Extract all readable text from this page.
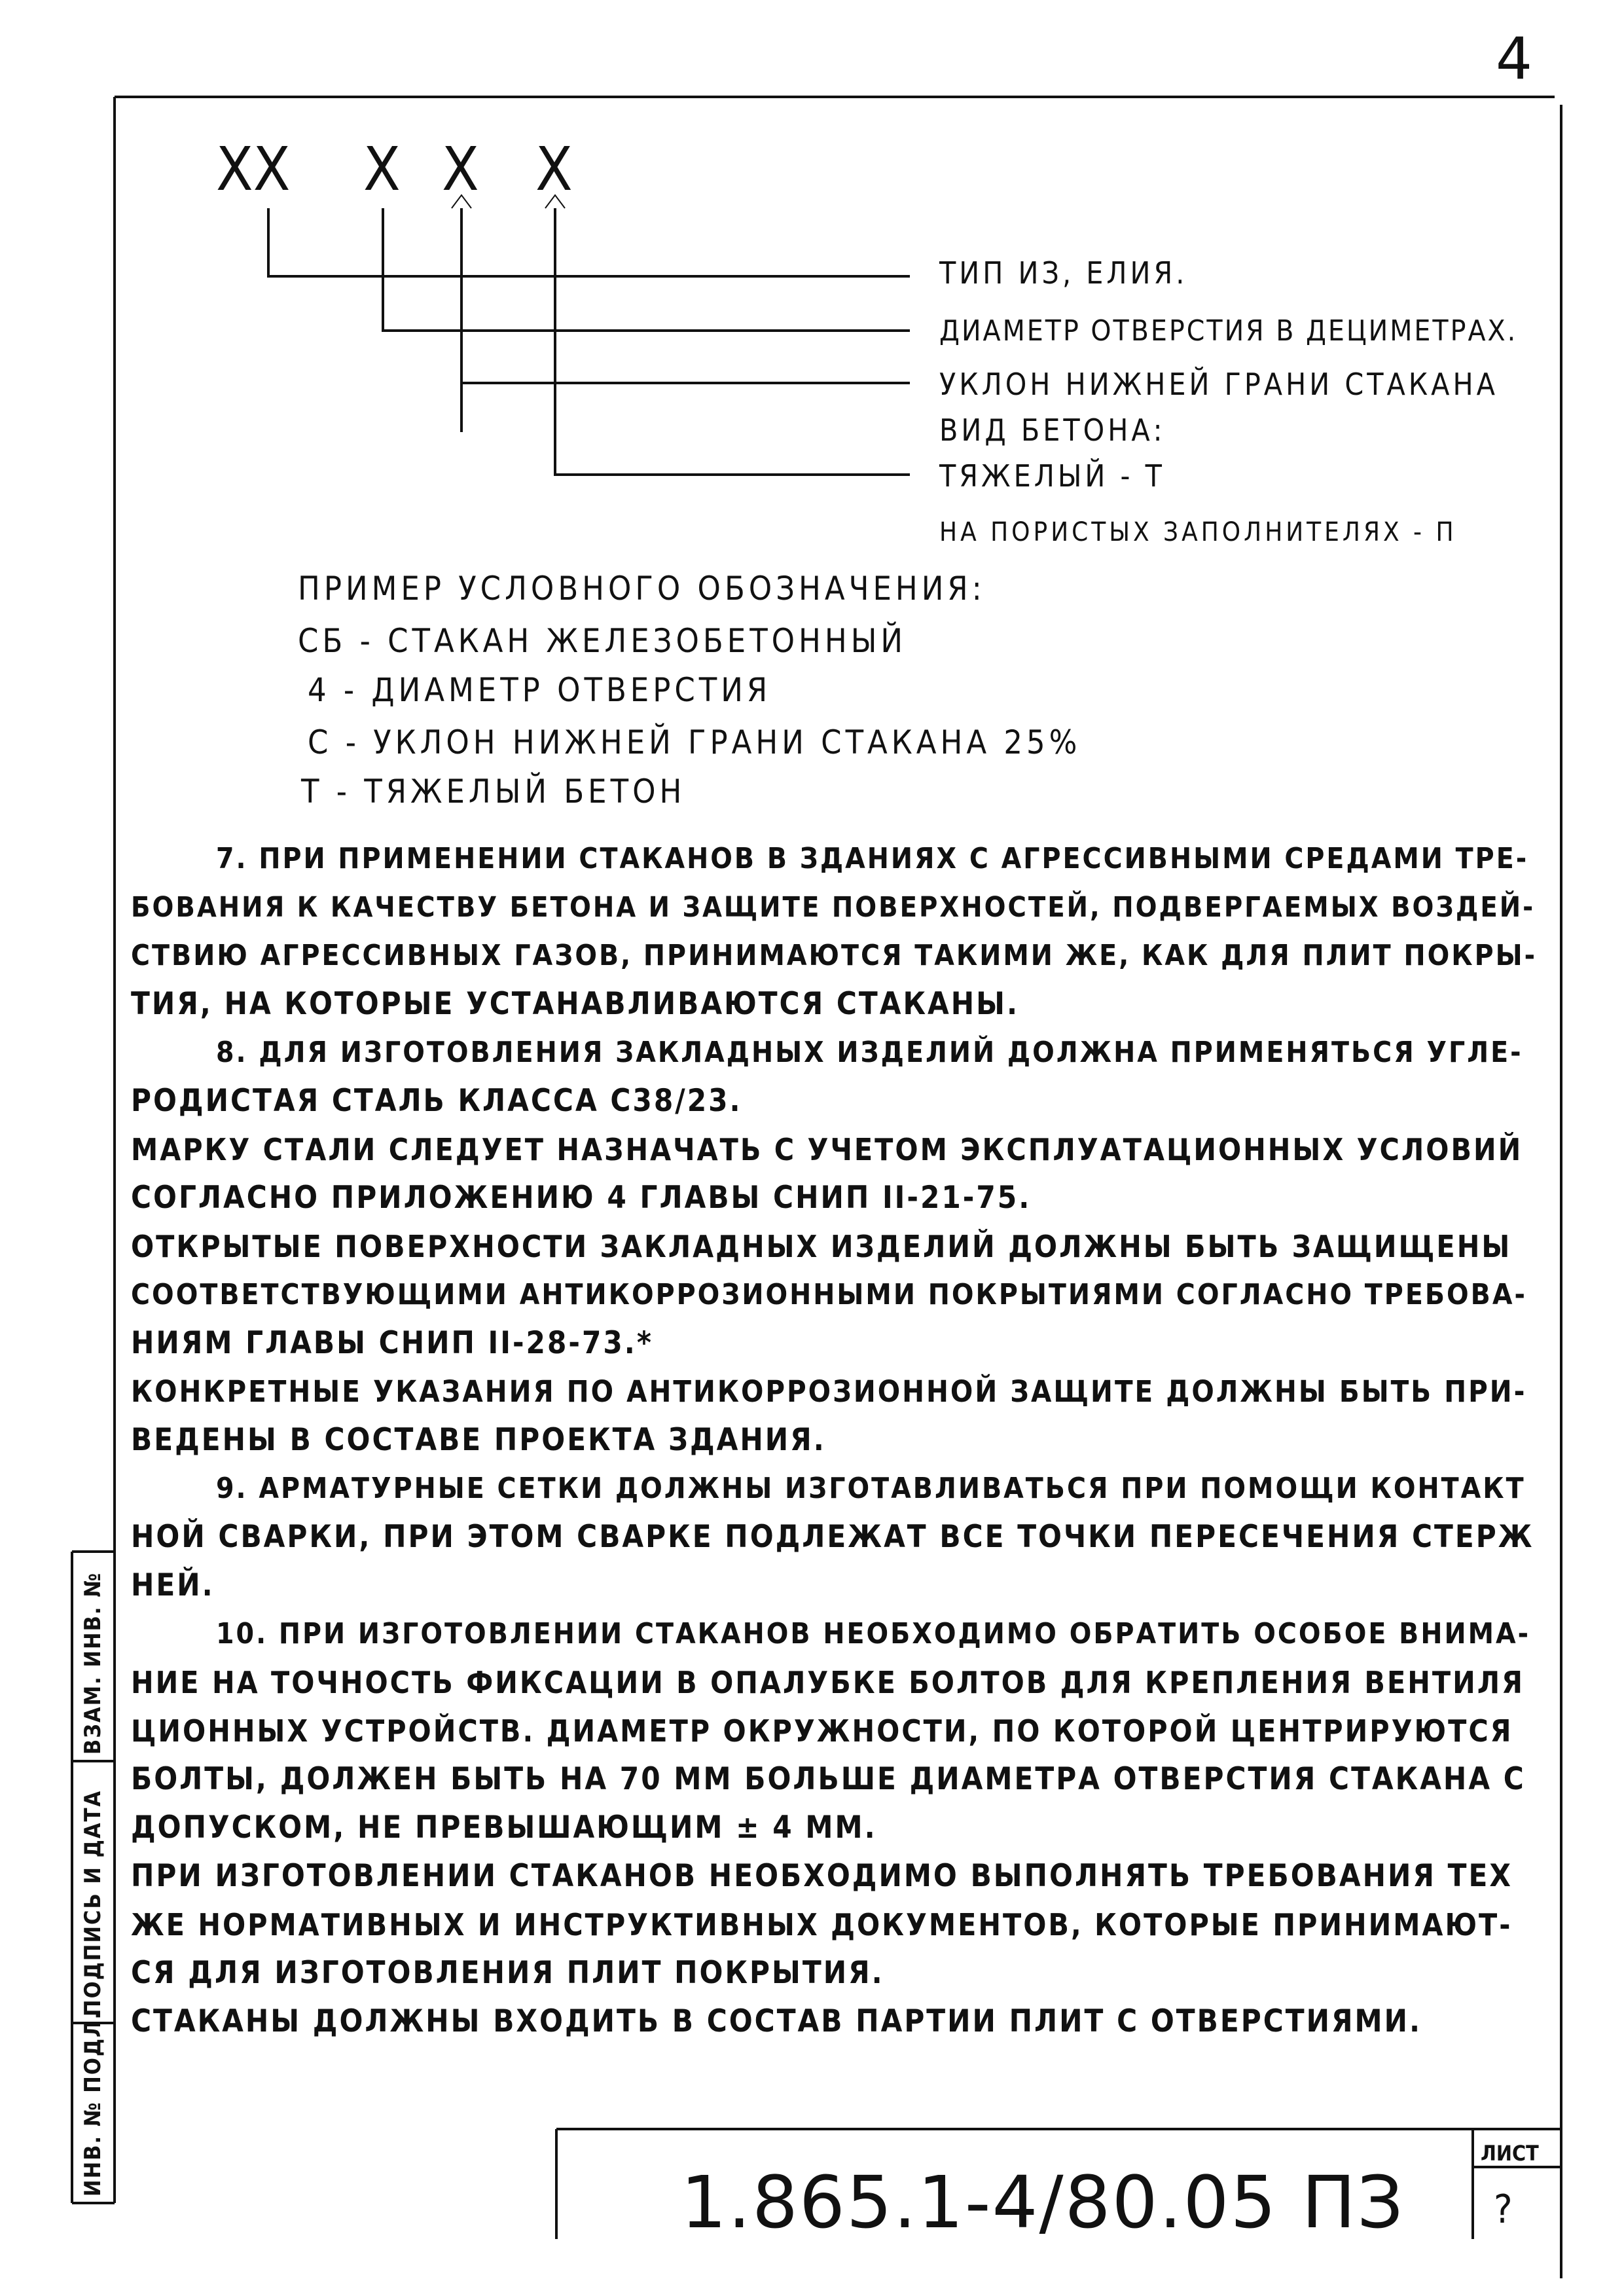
4
XX X X X
ТИП ИЗ, ЕЛИЯ.
ДИАМЕТР ОТВЕРСТИЯ В ДЕЦИМЕТРАХ.
УКЛОН НИЖНЕЙ ГРАНИ СТАКАНА
ВИД БЕТОНА:
ТЯЖЕЛЫЙ - Т
НА ПОРИСТЫХ ЗАПОЛНИТЕЛЯХ - П
ПРИМЕР УСЛОВНОГО ОБОЗНАЧЕНИЯ:
СБ - СТАКАН ЖЕЛЕЗОБЕТОННЫЙ
4 - ДИАМЕТР ОТВЕРСТИЯ
С - УКЛОН НИЖНЕЙ ГРАНИ СТАКАНА 25%
Т - ТЯЖЕЛЫЙ БЕТОН
7. ПРИ ПРИМЕНЕНИИ СТАКАНОВ В ЗДАНИЯХ С АГРЕССИВНЫМИ СРЕДАМИ ТРЕ-
БОВАНИЯ К КАЧЕСТВУ БЕТОНА И ЗАЩИТЕ ПОВЕРХНОСТЕЙ, ПОДВЕРГАЕМЫХ ВОЗДЕЙ-
СТВИЮ АГРЕССИВНЫХ ГАЗОВ, ПРИНИМАЮТСЯ ТАКИМИ ЖЕ, КАК ДЛЯ ПЛИТ ПОКРЫ-
ТИЯ, НА КОТОРЫЕ УСТАНАВЛИВАЮТСЯ СТАКАНЫ.
8. ДЛЯ ИЗГОТОВЛЕНИЯ ЗАКЛАДНЫХ ИЗДЕЛИЙ ДОЛЖНА ПРИМЕНЯТЬСЯ УГЛЕ-
РОДИСТАЯ СТАЛЬ КЛАССА С38/23.
МАРКУ СТАЛИ СЛЕДУЕТ НАЗНАЧАТЬ С УЧЕТОМ ЭКСПЛУАТАЦИОННЫХ УСЛОВИЙ
СОГЛАСНО ПРИЛОЖЕНИЮ 4 ГЛАВЫ СНИП II-21-75.
ОТКРЫТЫЕ ПОВЕРХНОСТИ ЗАКЛАДНЫХ ИЗДЕЛИЙ ДОЛЖНЫ БЫТЬ ЗАЩИЩЕНЫ
СООТВЕТСТВУЮЩИМИ АНТИКОРРОЗИОННЫМИ ПОКРЫТИЯМИ СОГЛАСНО ТРЕБОВА-
НИЯМ ГЛАВЫ СНИП II-28-73.*
КОНКРЕТНЫЕ УКАЗАНИЯ ПО АНТИКОРРОЗИОННОЙ ЗАЩИТЕ ДОЛЖНЫ БЫТЬ ПРИ-
ВЕДЕНЫ В СОСТАВЕ ПРОЕКТА ЗДАНИЯ.
9. АРМАТУРНЫЕ СЕТКИ ДОЛЖНЫ ИЗГОТАВЛИВАТЬСЯ ПРИ ПОМОЩИ КОНТАКТ
НОЙ СВАРКИ, ПРИ ЭТОМ СВАРКЕ ПОДЛЕЖАТ ВСЕ ТОЧКИ ПЕРЕСЕЧЕНИЯ СТЕРЖ
НЕЙ.
10. ПРИ ИЗГОТОВЛЕНИИ СТАКАНОВ НЕОБХОДИМО ОБРАТИТЬ ОСОБОЕ ВНИМА-
НИЕ НА ТОЧНОСТЬ ФИКСАЦИИ В ОПАЛУБКЕ БОЛТОВ ДЛЯ КРЕПЛЕНИЯ ВЕНТИЛЯ
ЦИОННЫХ УСТРОЙСТВ. ДИАМЕТР ОКРУЖНОСТИ, ПО КОТОРОЙ ЦЕНТРИРУЮТСЯ
БОЛТЫ, ДОЛЖЕН БЫТЬ НА 70 ММ БОЛЬШЕ ДИАМЕТРА ОТВЕРСТИЯ СТАКАНА С
ДОПУСКОМ, НЕ ПРЕВЫШАЮЩИМ ± 4 ММ.
ПРИ ИЗГОТОВЛЕНИИ СТАКАНОВ НЕОБХОДИМО ВЫПОЛНЯТЬ ТРЕБОВАНИЯ ТЕХ
ЖЕ НОРМАТИВНЫХ И ИНСТРУКТИВНЫХ ДОКУМЕНТОВ, КОТОРЫЕ ПРИНИМАЮТ-
СЯ ДЛЯ ИЗГОТОВЛЕНИЯ ПЛИТ ПОКРЫТИЯ.
СТАКАНЫ ДОЛЖНЫ ВХОДИТЬ В СОСТАВ ПАРТИИ ПЛИТ С ОТВЕРСТИЯМИ.
ИНВ. № ПОДЛ.
ПОДПИСЬ И ДАТА
ВЗАМ. ИНВ. №
1.865.1-4/80.05 ПЗ
ЛИСТ
?
